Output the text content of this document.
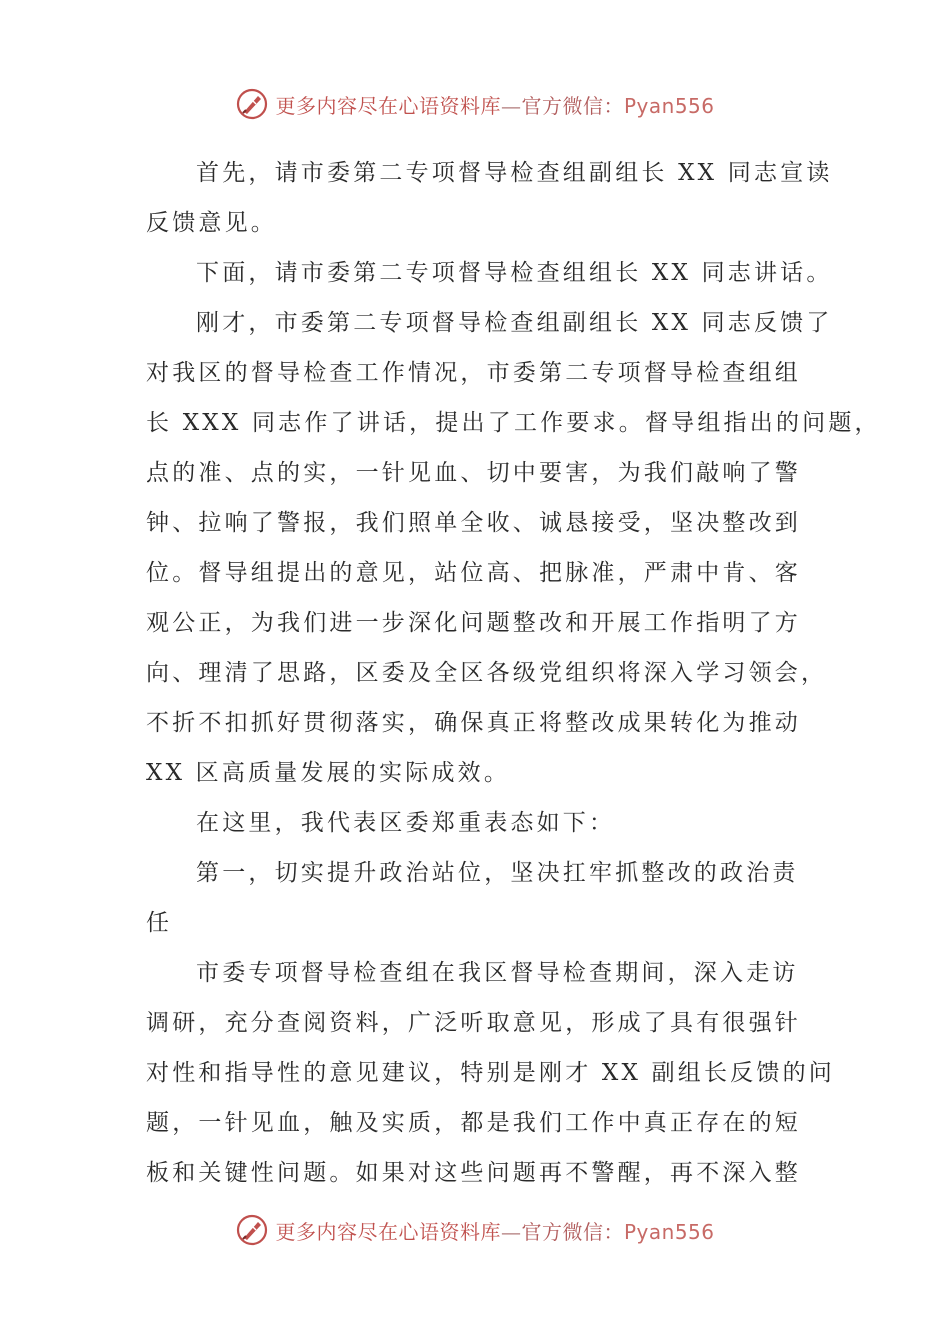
更多内容尽在心语资料库—官方微信：Pyan556
首先，请市委第二专项督导检查组副组长 XX 同志宣读
反馈意见。
下面，请市委第二专项督导检查组组长 XX 同志讲话。
刚才，市委第二专项督导检查组副组长 XX 同志反馈了
对我区的督导检查工作情况，市委第二专项督导检查组组
长 XXX 同志作了讲话，提出了工作要求。督导组指出的问题，
点的准、点的实，一针见血、切中要害，为我们敲响了警
钟、拉响了警报，我们照单全收、诚恳接受，坚决整改到
位。督导组提出的意见，站位高、把脉准，严肃中肯、客
观公正，为我们进一步深化问题整改和开展工作指明了方
向、理清了思路，区委及全区各级党组织将深入学习领会，
不折不扣抓好贯彻落实，确保真正将整改成果转化为推动
XX 区高质量发展的实际成效。
在这里，我代表区委郑重表态如下：
第一，切实提升政治站位，坚决扛牢抓整改的政治责
任
市委专项督导检查组在我区督导检查期间，深入走访
调研，充分查阅资料，广泛听取意见，形成了具有很强针
对性和指导性的意见建议，特别是刚才 XX 副组长反馈的问
题，一针见血，触及实质，都是我们工作中真正存在的短
板和关键性问题。如果对这些问题再不警醒，再不深入整
更多内容尽在心语资料库—官方微信：Pyan556
